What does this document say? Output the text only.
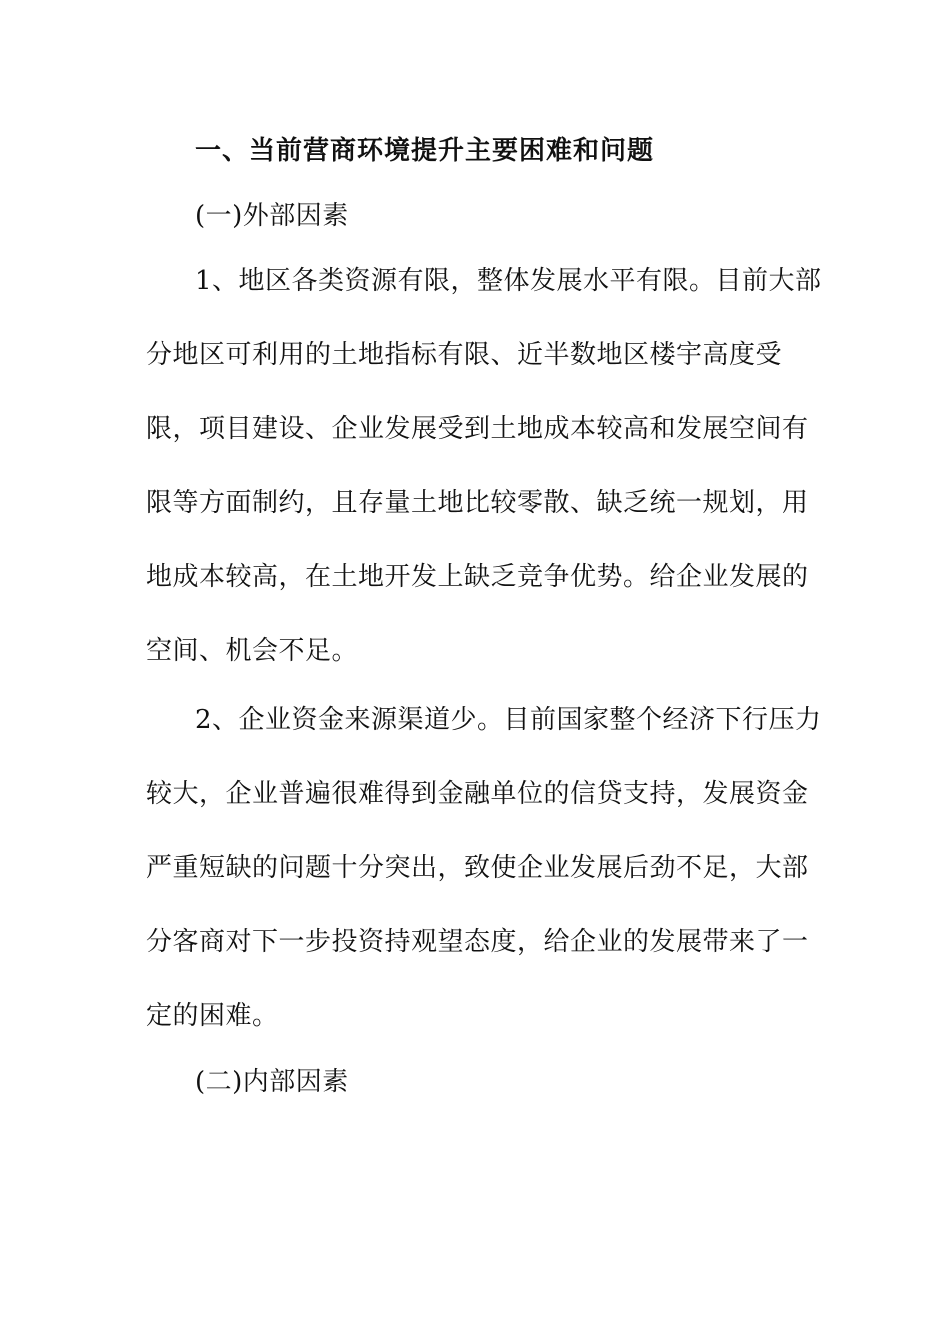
一、当前营商环境提升主要困难和问题
(一)外部因素
1、地区各类资源有限，整体发展水平有限。目前大部
分地区可利用的土地指标有限、近半数地区楼宇高度受
限，项目建设、企业发展受到土地成本较高和发展空间有
限等方面制约，且存量土地比较零散、缺乏统一规划，用
地成本较高，在土地开发上缺乏竞争优势。给企业发展的
空间、机会不足。
2、企业资金来源渠道少。目前国家整个经济下行压力
较大，企业普遍很难得到金融单位的信贷支持，发展资金
严重短缺的问题十分突出，致使企业发展后劲不足，大部
分客商对下一步投资持观望态度，给企业的发展带来了一
定的困难。
(二)内部因素
